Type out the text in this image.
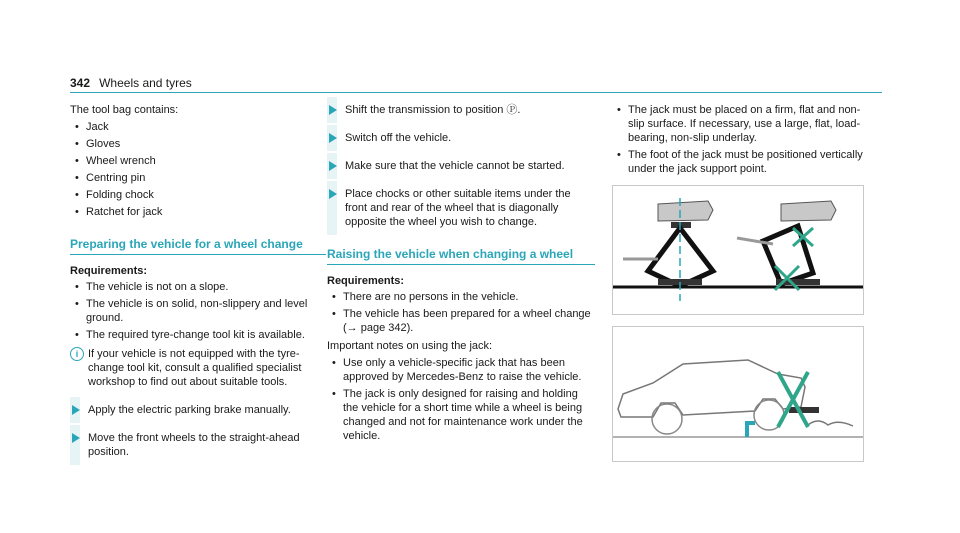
342 Wheels and tyres

The tool bag contains:

• Jack
• Gloves
• Wheel wrench
• Centring pin
• Folding chock
• Ratchet for jack
Preparing the vehicle for a wheel change
Requirements:
• The vehicle is not on a slope.
• The vehicle is on solid, non-slippery and level ground.
• The required tyre-change tool kit is available.
i If your vehicle is not equipped with the tyre-change tool kit, consult a qualified specialist workshop to find out about suitable tools.
Apply the electric parking brake manually.
Move the front wheels to the straight-ahead position.
Shift the transmission to position Ⓟ.
Switch off the vehicle.
Make sure that the vehicle cannot be started.
Place chocks or other suitable items under the front and rear of the wheel that is diagonally opposite the wheel you wish to change.
Raising the vehicle when changing a wheel
Requirements:
• There are no persons in the vehicle.
• The vehicle has been prepared for a wheel change (→ page 342).

Important notes on using the jack:

• Use only a vehicle-specific jack that has been approved by Mercedes-Benz to raise the vehicle.
• The jack is only designed for raising and holding the vehicle for a short time while a wheel is being changed and not for maintenance work under the vehicle.
• The jack must be placed on a firm, flat and non-slip surface. If necessary, use a large, flat, load-bearing, non-slip underlay.
• The foot of the jack must be positioned vertically under the jack support point.
